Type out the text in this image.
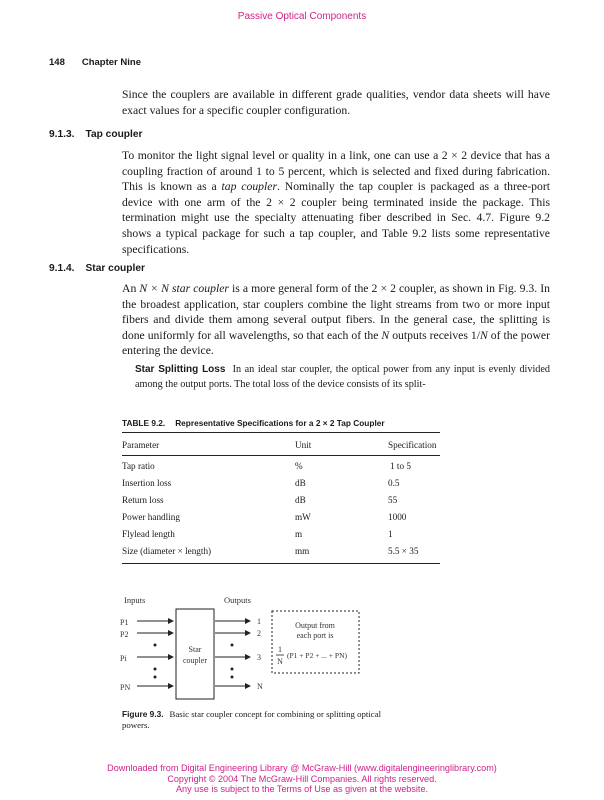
Passive Optical Components
148 Chapter Nine
Since the couplers are available in different grade qualities, vendor data sheets will have exact values for a specific coupler configuration.
9.1.3. Tap coupler
To monitor the light signal level or quality in a link, one can use a 2 × 2 device that has a coupling fraction of around 1 to 5 percent, which is selected and fixed during fabrication. This is known as a tap coupler. Nominally the tap coupler is packaged as a three-port device with one arm of the 2 × 2 coupler being terminated inside the package. This termination might use the specialty attenuating fiber described in Sec. 4.7. Figure 9.2 shows a typical package for such a tap coupler, and Table 9.2 lists some representative specifications.
9.1.4. Star coupler
An N × N star coupler is a more general form of the 2 × 2 coupler, as shown in Fig. 9.3. In the broadest application, star couplers combine the light streams from two or more input fibers and divide them among several output fibers. In the general case, the splitting is done uniformly for all wavelengths, so that each of the N outputs receives 1/N of the power entering the device.
Star Splitting Loss In an ideal star coupler, the optical power from any input is evenly divided among the output ports. The total loss of the device consists of its split-
TABLE 9.2. Representative Specifications for a 2 × 2 Tap Coupler
Parameter	Unit	Specification
Tap ratio	%	1 to 5
Insertion loss	dB	0.5
Return loss	dB	55
Power handling	mW	1000
Flylead length	m	1
Size (diameter × length)	mm	5.5 × 35
Inputs	Outputs
P1
P2
Pi
PN
Star
coupler
1
2
3
N
Output from
each port is
1
N
(P1 + P2 + ... + PN)
Figure 9.3. Basic star coupler concept for combining or splitting optical powers.
Downloaded from Digital Engineering Library @ McGraw-Hill (www.digitalengineeringlibrary.com)
Copyright © 2004 The McGraw-Hill Companies. All rights reserved.
Any use is subject to the Terms of Use as given at the website.
